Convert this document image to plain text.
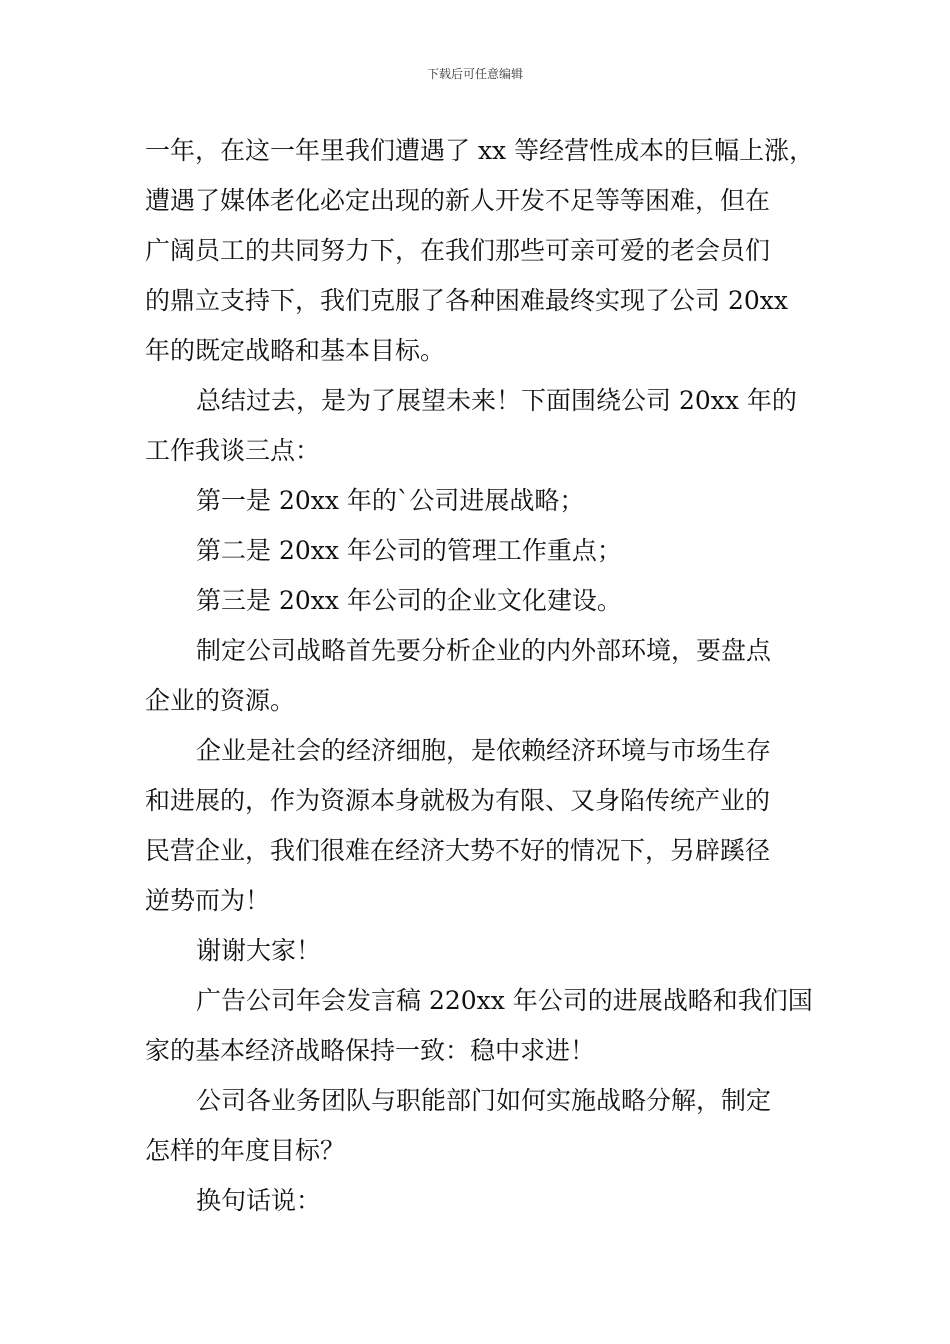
下载后可任意编辑

一年，在这一年里我们遭遇了 xx 等经营性成本的巨幅上涨，

遭遇了媒体老化必定出现的新人开发不足等等困难，但在

广阔员工的共同努力下，在我们那些可亲可爱的老会员们

的鼎立支持下，我们克服了各种困难最终实现了公司 20xx

年的既定战略和基本目标。

总结过去，是为了展望未来！下面围绕公司 20xx 年的

工作我谈三点：

第一是 20xx 年的`公司进展战略；

第二是 20xx 年公司的管理工作重点；

第三是 20xx 年公司的企业文化建设。

制定公司战略首先要分析企业的内外部环境，要盘点

企业的资源。

企业是社会的经济细胞，是依赖经济环境与市场生存

和进展的，作为资源本身就极为有限、又身陷传统产业的

民营企业，我们很难在经济大势不好的情况下，另辟蹊径

逆势而为！

谢谢大家！

广告公司年会发言稿 220xx 年公司的进展战略和我们国

家的基本经济战略保持一致：稳中求进！

公司各业务团队与职能部门如何实施战略分解，制定

怎样的年度目标？

换句话说：
